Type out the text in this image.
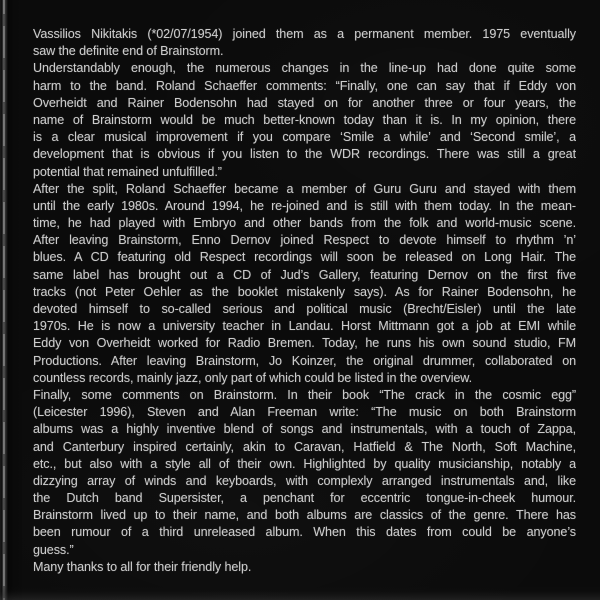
Vassilios Nikitakis (*02/07/1954) joined them as a permanent member. 1975 eventually
saw the definite end of Brainstorm.
Understandably enough, the numerous changes in the line-up had done quite some
harm to the band. Roland Schaeffer comments: “Finally, one can say that if Eddy von
Overheidt and Rainer Bodensohn had stayed on for another three or four years, the
name of Brainstorm would be much better-known today than it is. In my opinion, there
is a clear musical improvement if you compare ‘Smile a while’ and ‘Second smile’, a
development that is obvious if you listen to the WDR recordings. There was still a great
potential that remained unfulfilled.”
After the split, Roland Schaeffer became a member of Guru Guru and stayed with them
until the early 1980s. Around 1994, he re-joined and is still with them today. In the mean-
time, he had played with Embryo and other bands from the folk and world-music scene.
After leaving Brainstorm, Enno Dernov joined Respect to devote himself to rhythm ’n’
blues. A CD featuring old Respect recordings will soon be released on Long Hair. The
same label has brought out a CD of Jud’s Gallery, featuring Dernov on the first five
tracks (not Peter Oehler as the booklet mistakenly says). As for Rainer Bodensohn, he
devoted himself to so-called serious and political music (Brecht/Eisler) until the late
1970s. He is now a university teacher in Landau. Horst Mittmann got a job at EMI while
Eddy von Overheidt worked for Radio Bremen. Today, he runs his own sound studio, FM
Productions. After leaving Brainstorm, Jo Koinzer, the original drummer, collaborated on
countless records, mainly jazz, only part of which could be listed in the overview.
Finally, some comments on Brainstorm. In their book “The crack in the cosmic egg”
(Leicester 1996), Steven and Alan Freeman write: “The music on both Brainstorm
albums was a highly inventive blend of songs and instrumentals, with a touch of Zappa,
and Canterbury inspired certainly, akin to Caravan, Hatfield & The North, Soft Machine,
etc., but also with a style all of their own. Highlighted by quality musicianship, notably a
dizzying array of winds and keyboards, with complexly arranged instrumentals and, like
the Dutch band Supersister, a penchant for eccentric tongue-in-cheek humour.
Brainstorm lived up to their name, and both albums are classics of the genre. There has
been rumour of a third unreleased album. When this dates from could be anyone’s
guess.”
Many thanks to all for their friendly help.
